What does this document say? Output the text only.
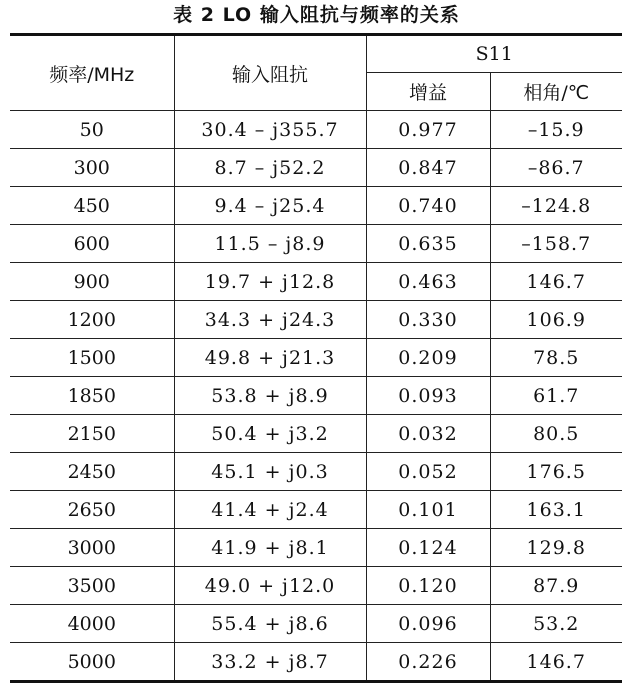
表 2 LO 输入阻抗与频率的关系
频率/MHz	输入阻抗	S11	
		增益	相角/℃
50	30.4 – j355.7	0.977	–15.9
300	8.7 – j52.2	0.847	–86.7
450	9.4 – j25.4	0.740	–124.8
600	11.5 – j8.9	0.635	–158.7
900	19.7 + j12.8	0.463	146.7
1200	34.3 + j24.3	0.330	106.9
1500	49.8 + j21.3	0.209	78.5
1850	53.8 + j8.9	0.093	61.7
2150	50.4 + j3.2	0.032	80.5
2450	45.1 + j0.3	0.052	176.5
2650	41.4 + j2.4	0.101	163.1
3000	41.9 + j8.1	0.124	129.8
3500	49.0 + j12.0	0.120	87.9
4000	55.4 + j8.6	0.096	53.2
5000	33.2 + j8.7	0.226	146.7
